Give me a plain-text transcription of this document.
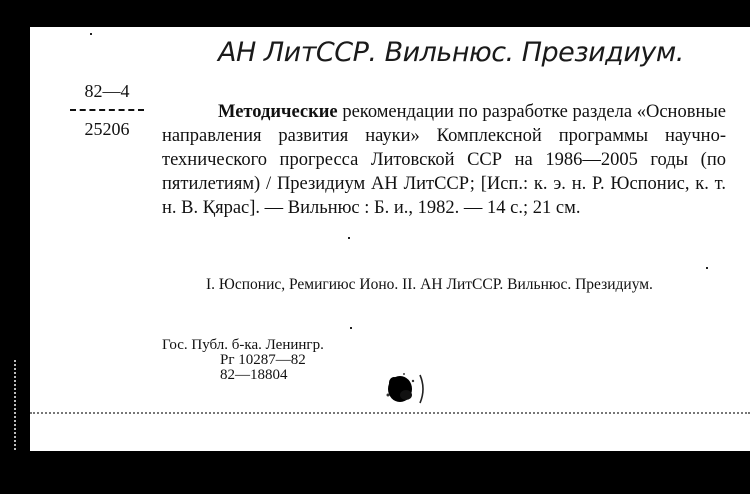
АН ЛитССР. Вильнюс. Президиум.

82—4
25206

Методические рекомендации по разработке раздела «Основные направления развития науки» Комплексной программы научно-технического прогресса Литовской ССР на 1986—2005 годы (по пятилетиям) / Президиум АН ЛитССР; [Исп.: к. э. н. Р. Юспонис, к. т. н. В. Қярас]. — Вильнюс : Б. и., 1982. — 14 с.; 21 см.

I. Юспонис, Ремигиюс Ионо. II. АН ЛитССР. Вильнюс. Президиум.

Гос. Публ. б-ка. Ленингр.
Рг 10287—82
82—18804
